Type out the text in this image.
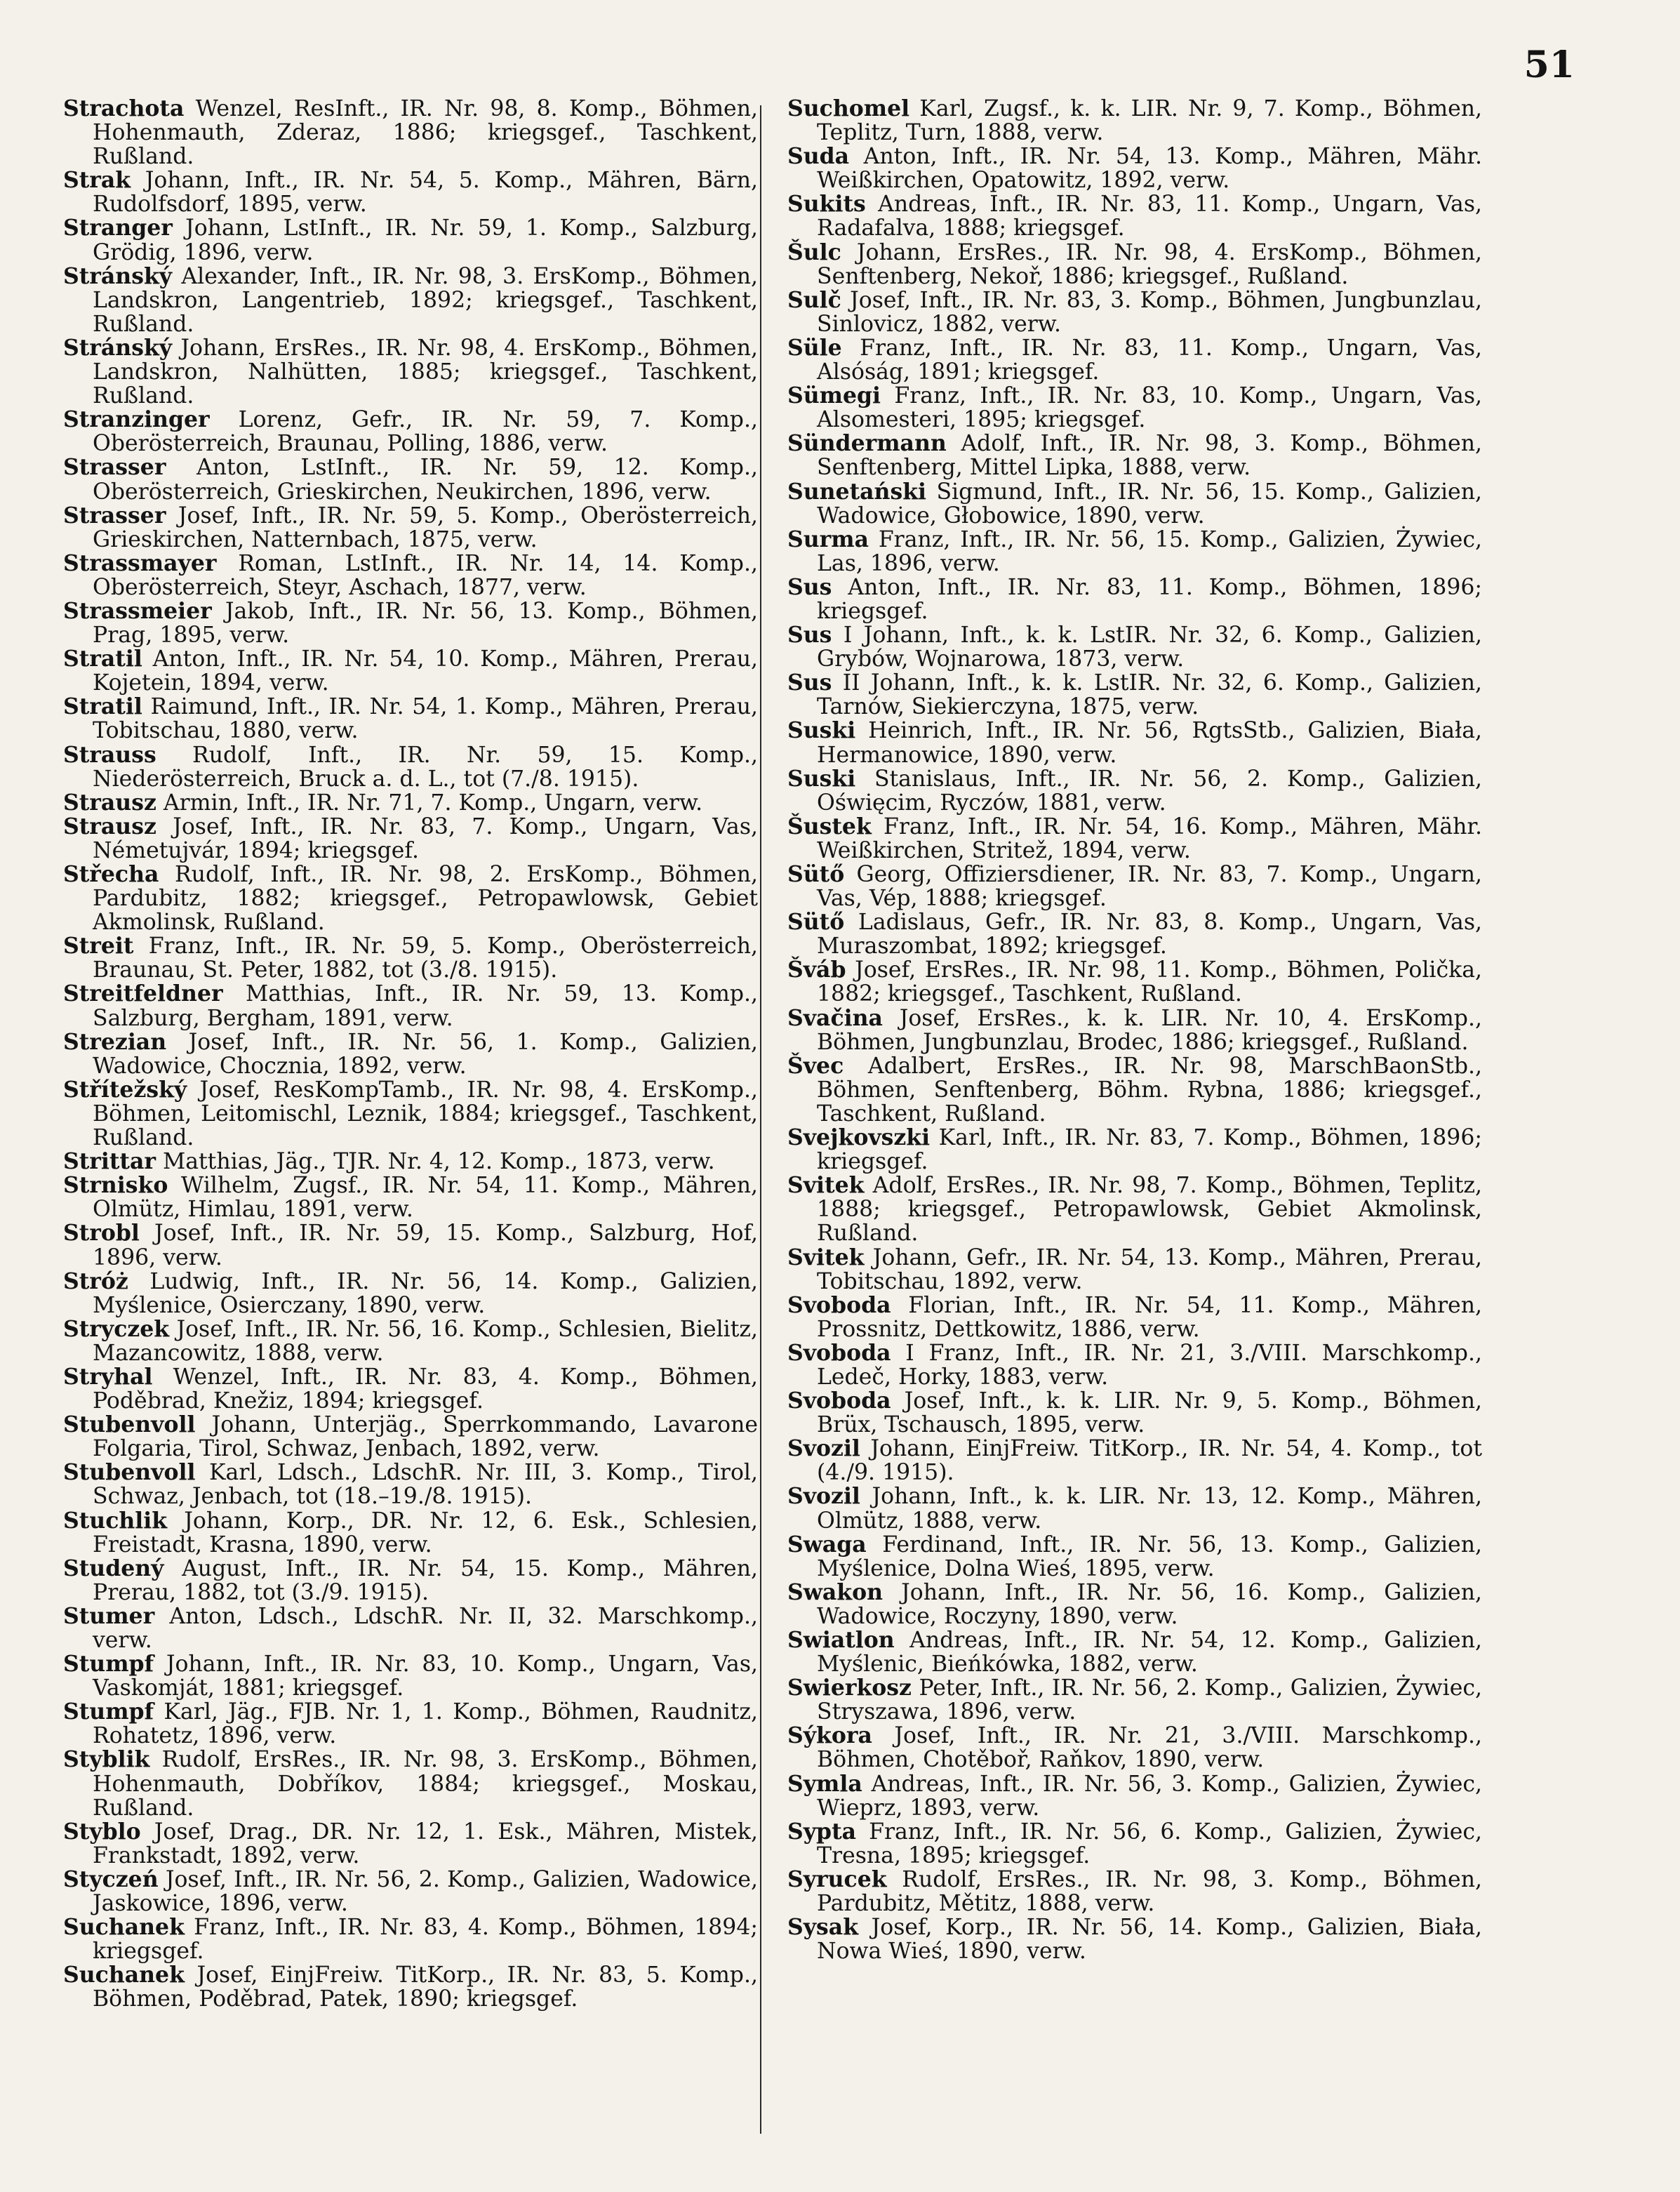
51

Strachota Wenzel, ResInft., IR. Nr. 98, 8. Komp., Böhmen, Hohenmauth, Zderaz, 1886; kriegsgef., Taschkent, Rußland.

Strak Johann, Inft., IR. Nr. 54, 5. Komp., Mähren, Bärn, Rudolfsdorf, 1895, verw.

Stranger Johann, LstInft., IR. Nr. 59, 1. Komp., Salzburg, Grödig, 1896, verw.

Stránský Alexander, Inft., IR. Nr. 98, 3. ErsKomp., Böhmen, Landskron, Langentrieb, 1892; kriegsgef., Taschkent, Rußland.

Stránský Johann, ErsRes., IR. Nr. 98, 4. ErsKomp., Böhmen, Landskron, Nalhütten, 1885; kriegsgef., Taschkent, Rußland.

Stranzinger Lorenz, Gefr., IR. Nr. 59, 7. Komp., Oberösterreich, Braunau, Polling, 1886, verw.

Strasser Anton, LstInft., IR. Nr. 59, 12. Komp., Oberösterreich, Grieskirchen, Neukirchen, 1896, verw.

Strasser Josef, Inft., IR. Nr. 59, 5. Komp., Oberösterreich, Grieskirchen, Natternbach, 1875, verw.

Strassmayer Roman, LstInft., IR. Nr. 14, 14. Komp., Oberösterreich, Steyr, Aschach, 1877, verw.

Strassmeier Jakob, Inft., IR. Nr. 56, 13. Komp., Böhmen, Prag, 1895, verw.

Stratil Anton, Inft., IR. Nr. 54, 10. Komp., Mähren, Prerau, Kojetein, 1894, verw.

Stratil Raimund, Inft., IR. Nr. 54, 1. Komp., Mähren, Prerau, Tobitschau, 1880, verw.

Strauss Rudolf, Inft., IR. Nr. 59, 15. Komp., Niederösterreich, Bruck a. d. L., tot (7./8. 1915).

Strausz Armin, Inft., IR. Nr. 71, 7. Komp., Ungarn, verw.

Strausz Josef, Inft., IR. Nr. 83, 7. Komp., Ungarn, Vas, Németujvár, 1894; kriegsgef.

Střecha Rudolf, Inft., IR. Nr. 98, 2. ErsKomp., Böhmen, Pardubitz, 1882; kriegsgef., Petropawlowsk, Gebiet Akmolinsk, Rußland.

Streit Franz, Inft., IR. Nr. 59, 5. Komp., Oberösterreich, Braunau, St. Peter, 1882, tot (3./8. 1915).

Streitfeldner Matthias, Inft., IR. Nr. 59, 13. Komp., Salzburg, Bergham, 1891, verw.

Strezian Josef, Inft., IR. Nr. 56, 1. Komp., Galizien, Wadowice, Chocznia, 1892, verw.

Střítežský Josef, ResKompTamb., IR. Nr. 98, 4. ErsKomp., Böhmen, Leitomischl, Leznik, 1884; kriegsgef., Taschkent, Rußland.

Strittar Matthias, Jäg., TJR. Nr. 4, 12. Komp., 1873, verw.

Strnisko Wilhelm, Zugsf., IR. Nr. 54, 11. Komp., Mähren, Olmütz, Himlau, 1891, verw.

Strobl Josef, Inft., IR. Nr. 59, 15. Komp., Salzburg, Hof, 1896, verw.

Stróż Ludwig, Inft., IR. Nr. 56, 14. Komp., Galizien, Myślenice, Osierczany, 1890, verw.

Stryczek Josef, Inft., IR. Nr. 56, 16. Komp., Schlesien, Bielitz, Mazancowitz, 1888, verw.

Stryhal Wenzel, Inft., IR. Nr. 83, 4. Komp., Böhmen, Poděbrad, Knežiz, 1894; kriegsgef.

Stubenvoll Johann, Unterjäg., Sperrkommando, Lavarone Folgaria, Tirol, Schwaz, Jenbach, 1892, verw.

Stubenvoll Karl, Ldsch., LdschR. Nr. III, 3. Komp., Tirol, Schwaz, Jenbach, tot (18.–19./8. 1915).

Stuchlik Johann, Korp., DR. Nr. 12, 6. Esk., Schlesien, Freistadt, Krasna, 1890, verw.

Studený August, Inft., IR. Nr. 54, 15. Komp., Mähren, Prerau, 1882, tot (3./9. 1915).

Stumer Anton, Ldsch., LdschR. Nr. II, 32. Marschkomp., verw.

Stumpf Johann, Inft., IR. Nr. 83, 10. Komp., Ungarn, Vas, Vaskomját, 1881; kriegsgef.

Stumpf Karl, Jäg., FJB. Nr. 1, 1. Komp., Böhmen, Raudnitz, Rohatetz, 1896, verw.

Styblik Rudolf, ErsRes., IR. Nr. 98, 3. ErsKomp., Böhmen, Hohenmauth, Dobříkov, 1884; kriegsgef., Moskau, Rußland.

Styblo Josef, Drag., DR. Nr. 12, 1. Esk., Mähren, Mistek, Frankstadt, 1892, verw.

Styczeń Josef, Inft., IR. Nr. 56, 2. Komp., Galizien, Wadowice, Jaskowice, 1896, verw.

Suchanek Franz, Inft., IR. Nr. 83, 4. Komp., Böhmen, 1894; kriegsgef.

Suchanek Josef, EinjFreiw. TitKorp., IR. Nr. 83, 5. Komp., Böhmen, Poděbrad, Patek, 1890; kriegsgef.

Suchomel Karl, Zugsf., k. k. LIR. Nr. 9, 7. Komp., Böhmen, Teplitz, Turn, 1888, verw.

Suda Anton, Inft., IR. Nr. 54, 13. Komp., Mähren, Mähr. Weißkirchen, Opatowitz, 1892, verw.

Sukits Andreas, Inft., IR. Nr. 83, 11. Komp., Ungarn, Vas, Radafalva, 1888; kriegsgef.

Šulc Johann, ErsRes., IR. Nr. 98, 4. ErsKomp., Böhmen, Senftenberg, Nekoř, 1886; kriegsgef., Rußland.

Sulč Josef, Inft., IR. Nr. 83, 3. Komp., Böhmen, Jungbunzlau, Sinlovicz, 1882, verw.

Süle Franz, Inft., IR. Nr. 83, 11. Komp., Ungarn, Vas, Alsóság, 1891; kriegsgef.

Sümegi Franz, Inft., IR. Nr. 83, 10. Komp., Ungarn, Vas, Alsomesteri, 1895; kriegsgef.

Sündermann Adolf, Inft., IR. Nr. 98, 3. Komp., Böhmen, Senftenberg, Mittel Lipka, 1888, verw.

Sunetański Sigmund, Inft., IR. Nr. 56, 15. Komp., Galizien, Wadowice, Głobowice, 1890, verw.

Surma Franz, Inft., IR. Nr. 56, 15. Komp., Galizien, Żywiec, Las, 1896, verw.

Sus Anton, Inft., IR. Nr. 83, 11. Komp., Böhmen, 1896; kriegsgef.

Sus I Johann, Inft., k. k. LstIR. Nr. 32, 6. Komp., Galizien, Grybów, Wojnarowa, 1873, verw.

Sus II Johann, Inft., k. k. LstIR. Nr. 32, 6. Komp., Galizien, Tarnów, Siekierczyna, 1875, verw.

Suski Heinrich, Inft., IR. Nr. 56, RgtsStb., Galizien, Biała, Hermanowice, 1890, verw.

Suski Stanislaus, Inft., IR. Nr. 56, 2. Komp., Galizien, Oświęcim, Ryczów, 1881, verw.

Šustek Franz, Inft., IR. Nr. 54, 16. Komp., Mähren, Mähr. Weißkirchen, Stritež, 1894, verw.

Sütő Georg, Offiziersdiener, IR. Nr. 83, 7. Komp., Ungarn, Vas, Vép, 1888; kriegsgef.

Sütő Ladislaus, Gefr., IR. Nr. 83, 8. Komp., Ungarn, Vas, Muraszombat, 1892; kriegsgef.

Šváb Josef, ErsRes., IR. Nr. 98, 11. Komp., Böhmen, Polička, 1882; kriegsgef., Taschkent, Rußland.

Svačina Josef, ErsRes., k. k. LIR. Nr. 10, 4. ErsKomp., Böhmen, Jungbunzlau, Brodec, 1886; kriegsgef., Rußland.

Švec Adalbert, ErsRes., IR. Nr. 98, MarschBaonStb., Böhmen, Senftenberg, Böhm. Rybna, 1886; kriegsgef., Taschkent, Rußland.

Svejkovszki Karl, Inft., IR. Nr. 83, 7. Komp., Böhmen, 1896; kriegsgef.

Svitek Adolf, ErsRes., IR. Nr. 98, 7. Komp., Böhmen, Teplitz, 1888; kriegsgef., Petropawlowsk, Gebiet Akmolinsk, Rußland.

Svitek Johann, Gefr., IR. Nr. 54, 13. Komp., Mähren, Prerau, Tobitschau, 1892, verw.

Svoboda Florian, Inft., IR. Nr. 54, 11. Komp., Mähren, Prossnitz, Dettkowitz, 1886, verw.

Svoboda I Franz, Inft., IR. Nr. 21, 3./VIII. Marschkomp., Ledeč, Horky, 1883, verw.

Svoboda Josef, Inft., k. k. LIR. Nr. 9, 5. Komp., Böhmen, Brüx, Tschausch, 1895, verw.

Svozil Johann, EinjFreiw. TitKorp., IR. Nr. 54, 4. Komp., tot (4./9. 1915).

Svozil Johann, Inft., k. k. LIR. Nr. 13, 12. Komp., Mähren, Olmütz, 1888, verw.

Swaga Ferdinand, Inft., IR. Nr. 56, 13. Komp., Galizien, Myślenice, Dolna Wieś, 1895, verw.

Swakon Johann, Inft., IR. Nr. 56, 16. Komp., Galizien, Wadowice, Roczyny, 1890, verw.

Swiatlon Andreas, Inft., IR. Nr. 54, 12. Komp., Galizien, Myślenic, Bieńkówka, 1882, verw.

Swierkosz Peter, Inft., IR. Nr. 56, 2. Komp., Galizien, Żywiec, Stryszawa, 1896, verw.

Sýkora Josef, Inft., IR. Nr. 21, 3./VIII. Marschkomp., Böhmen, Chotěboř, Raňkov, 1890, verw.

Symla Andreas, Inft., IR. Nr. 56, 3. Komp., Galizien, Żywiec, Wieprz, 1893, verw.

Sypta Franz, Inft., IR. Nr. 56, 6. Komp., Galizien, Żywiec, Tresna, 1895; kriegsgef.

Syrucek Rudolf, ErsRes., IR. Nr. 98, 3. Komp., Böhmen, Pardubitz, Mětitz, 1888, verw.

Sysak Josef, Korp., IR. Nr. 56, 14. Komp., Galizien, Biała, Nowa Wieś, 1890, verw.
